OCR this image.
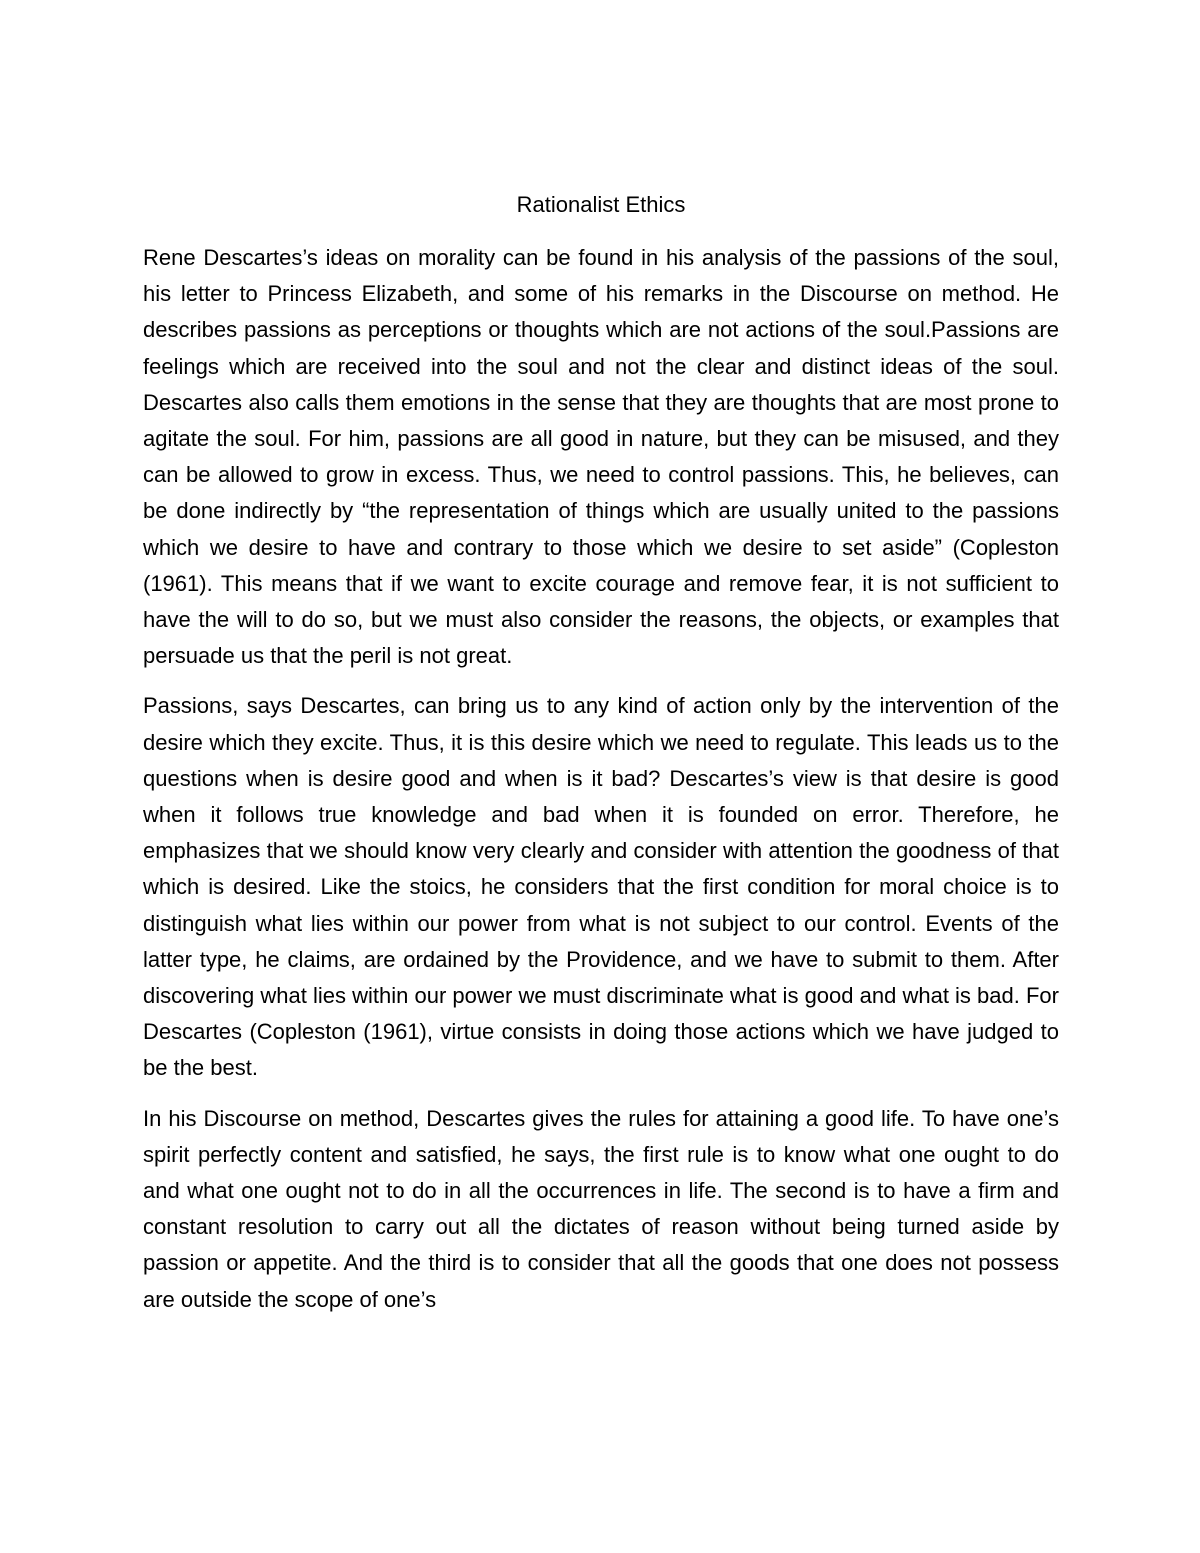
Rationalist Ethics

Rene Descartes’s ideas on morality can be found in his analysis of the passions of the soul, his letter to Princess Elizabeth, and some of his remarks in the Discourse on method. He describes passions as perceptions or thoughts which are not actions of the soul.Passions are feelings which are received into the soul and not the clear and distinct ideas of the soul. Descartes also calls them emotions in the sense that they are thoughts that are most prone to agitate the soul. For him, passions are all good in nature, but they can be misused, and they can be allowed to grow in excess. Thus, we need to control passions. This, he believes, can be done indirectly by “the representation of things which are usually united to the passions which we desire to have and contrary to those which we desire to set aside” (Copleston (1961). This means that if we want to excite courage and remove fear, it is not sufficient to have the will to do so, but we must also consider the reasons, the objects, or examples that persuade us that the peril is not great.

Passions, says Descartes, can bring us to any kind of action only by the intervention of the desire which they excite. Thus, it is this desire which we need to regulate. This leads us to the questions when is desire good and when is it bad? Descartes’s view is that desire is good when it follows true knowledge and bad when it is founded on error. Therefore, he emphasizes that we should know very clearly and consider with attention the goodness of that which is desired. Like the stoics, he considers that the first condition for moral choice is to distinguish what lies within our power from what is not subject to our control. Events of the latter type, he claims, are ordained by the Providence, and we have to submit to them. After discovering what lies within our power we must discriminate what is good and what is bad. For Descartes (Copleston (1961), virtue consists in doing those actions which we have judged to be the best.

In his Discourse on method, Descartes gives the rules for attaining a good life. To have one’s spirit perfectly content and satisfied, he says, the first rule is to know what one ought to do and what one ought not to do in all the occurrences in life. The second is to have a firm and constant resolution to carry out all the dictates of reason without being turned aside by passion or appetite. And the third is to consider that all the goods that one does not possess are outside the scope of one’s
